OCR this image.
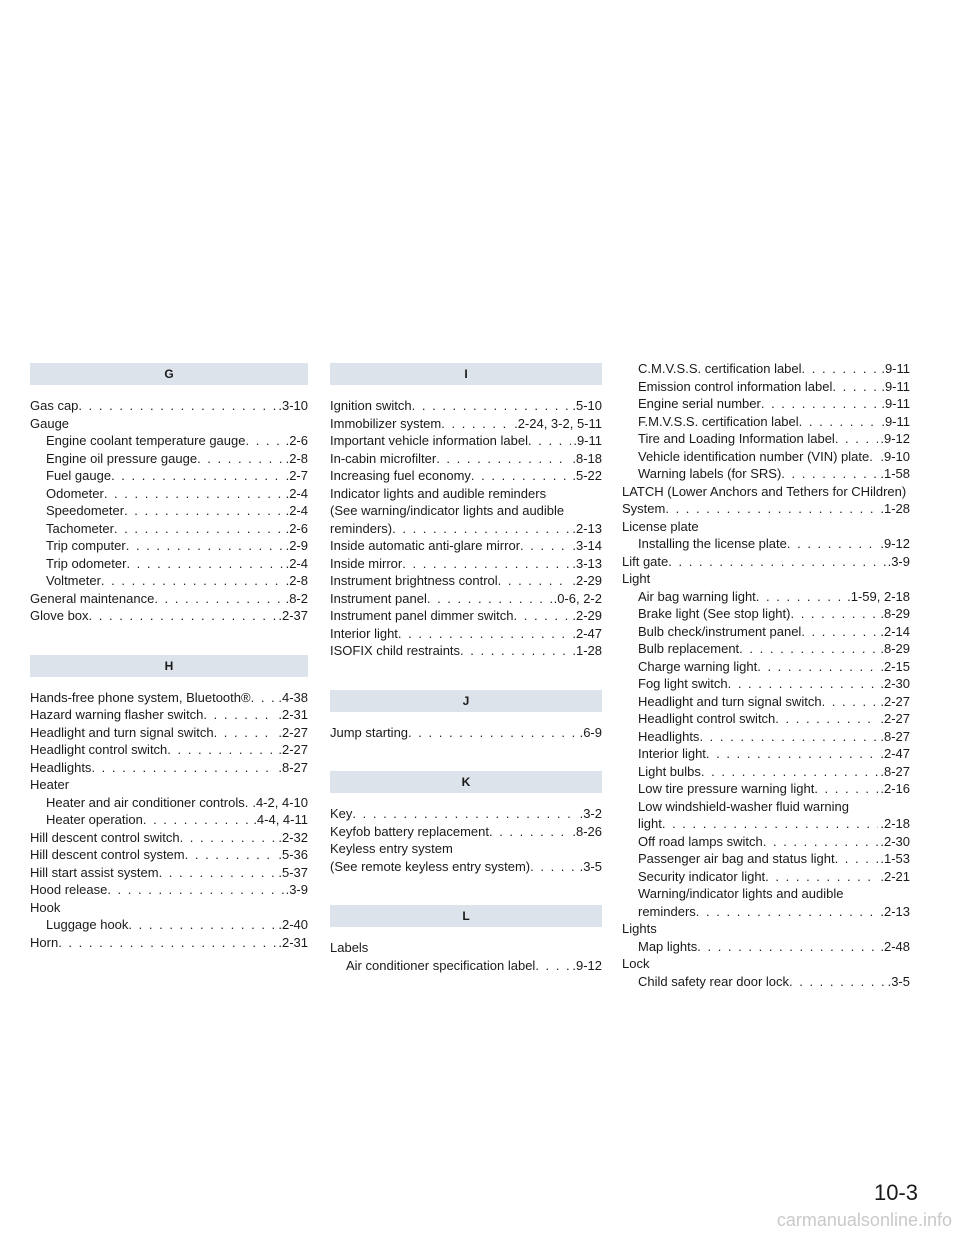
G
Gas cap . . .	.3-10
Gauge
Engine coolant temperature gauge . . .	.2-6
Engine oil pressure gauge . . .	.2-8
Fuel gauge . . .	.2-7
Odometer . . .	.2-4
Speedometer . . .	.2-4
Tachometer . . .	.2-6
Trip computer . . .	.2-9
Trip odometer . . .	.2-4
Voltmeter . . .	.2-8
General maintenance . . .	.8-2
Glove box . . .	.2-37
H
Hands-free phone system, Bluetooth® . . . .4-38
Hazard warning flasher switch . . .	.2-31
Headlight and turn signal switch . . .	.2-27
Headlight control switch . . .	.2-27
Headlights . . .	.8-27
Heater
Heater and air conditioner controls . . . .4-2, 4-10
Heater operation . . .	.4-4, 4-11
Hill descent control switch . . .	.2-32
Hill descent control system . . .	.5-36
Hill start assist system . . .	.5-37
Hood release . . .	.3-9
Hook
Luggage hook . . .	.2-40
Horn . . .	.2-31
I
Ignition switch . . .	.5-10
Immobilizer system . . .	.2-24, 3-2, 5-11
Important vehicle information label . . .	.9-11
In-cabin microfilter . . .	.8-18
Increasing fuel economy . . .	.5-22
Indicator lights and audible reminders
(See warning/indicator lights and audible
reminders) . . .	.2-13
Inside automatic anti-glare mirror . . .	.3-14
Inside mirror . . .	.3-13
Instrument brightness control . . .	.2-29
Instrument panel . . .	.0-6, 2-2
Instrument panel dimmer switch . . .	.2-29
Interior light . . .	.2-47
ISOFIX child restraints . . .	.1-28
J
Jump starting . . .	.6-9
K
Key . . .	.3-2
Keyfob battery replacement . . .	.8-26
Keyless entry system
(See remote keyless entry system) . . .	.3-5
L
Labels
Air conditioner specification label . . .	.9-12
C.M.V.S.S. certification label . . .	.9-11
Emission control information label . . .	.9-11
Engine serial number . . .	.9-11
F.M.V.S.S. certification label . . .	.9-11
Tire and Loading Information label . . .	.9-12
Vehicle identification number (VIN) plate . . . .9-10
Warning labels (for SRS) . . .	.1-58
LATCH (Lower Anchors and Tethers for CHildren)
System . . .	.1-28
License plate
Installing the license plate . . .	.9-12
Lift gate . . .	.3-9
Light
Air bag warning light . . .	.1-59, 2-18
Brake light (See stop light) . . .	.8-29
Bulb check/instrument panel . . .	.2-14
Bulb replacement . . .	.8-29
Charge warning light . . .	.2-15
Fog light switch . . .	.2-30
Headlight and turn signal switch . . .	.2-27
Headlight control switch . . .	.2-27
Headlights . . .	.8-27
Interior light . . .	.2-47
Light bulbs . . .	.8-27
Low tire pressure warning light . . .	.2-16
Low windshield-washer fluid warning
light . . .	.2-18
Off road lamps switch . . .	.2-30
Passenger air bag and status light . . .	.1-53
Security indicator light . . .	.2-21
Warning/indicator lights and audible
reminders . . .	.2-13
Lights
Map lights . . .	.2-48
Lock
Child safety rear door lock . . .	.3-5
10-3
carmanualsonline.info
